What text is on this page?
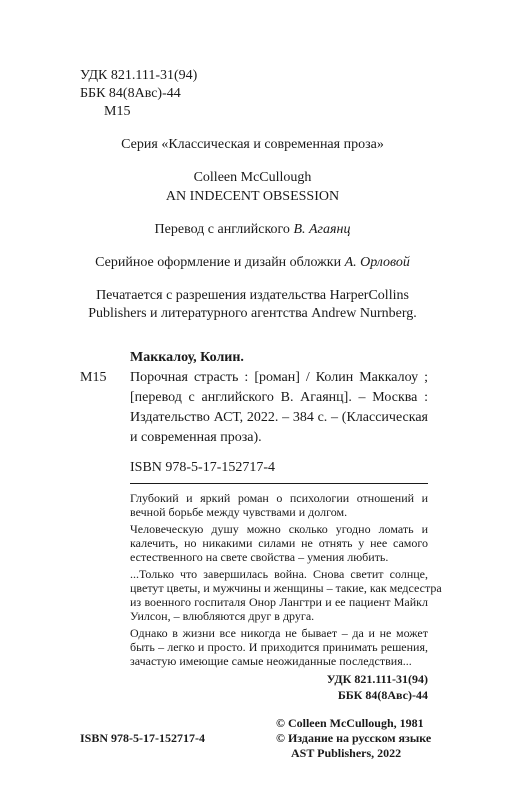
УДК 821.111-31(94)
ББК 84(8Авс)-44
М15
Серия «Классическая и современная проза»
Colleen McCullough
AN INDECENT OBSESSION
Перевод с английского В. Агаянц
Серийное оформление и дизайн обложки А. Орловой
Печатается с разрешения издательства HarperCollins
Publishers и литературного агентства Andrew Nurnberg.
Маккалоу, Колин.
М15 Порочная страсть : [роман] / Колин Маккалоу ;
[перевод с английского В. Агаянц]. – Москва :
Издательство АСТ, 2022. – 384 с. – (Классическая
и современная проза).
ISBN 978-5-17-152717-4
Глубокий и яркий роман о психологии отношений и
вечной борьбе между чувствами и долгом.
Человеческую душу можно сколько угодно ломать и
калечить, но никакими силами не отнять у нее самого
естественного на свете свойства – умения любить.
...Только что завершилась война. Снова светит солнце,
цветут цветы, и мужчины и женщины – такие, как медсестра
из военного госпиталя Онор Лангтри и ее пациент Майкл
Уилсон, – влюбляются друг в друга.
Однако в жизни все никогда не бывает – да и не может
быть – легко и просто. И приходится принимать решения,
зачастую имеющие самые неожиданные последствия...
УДК 821.111-31(94)
ББК 84(8Авс)-44
© Colleen McCullough, 1981
© Издание на русском языке
AST Publishers, 2022
ISBN 978-5-17-152717-4
